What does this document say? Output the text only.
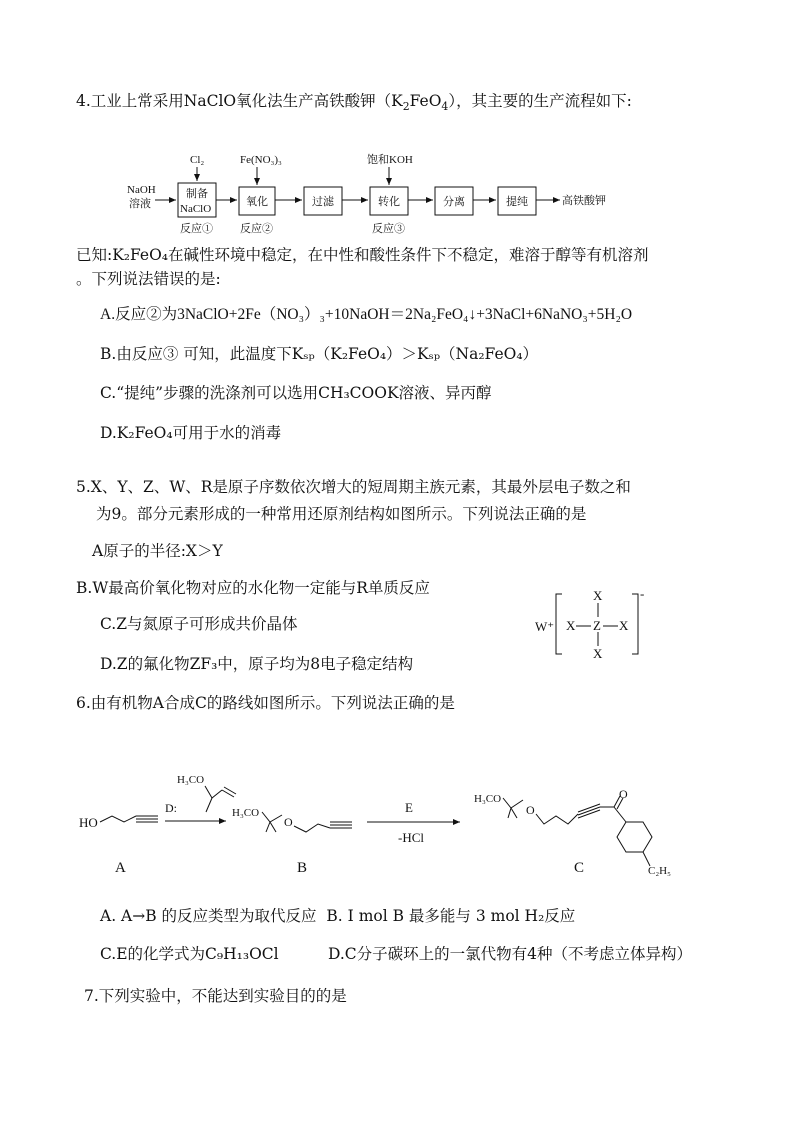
4.工业上常采用NaClO氧化法生产高铁酸钾$(K_2FeO_4)$，其主要的生产流程如下:
NaOH
溶液
制备
NaClO
Cl₂
反应①
氧化
Fe(NO₃)₃
反应②
过滤	转化
饱和KOH
反应③
分离	提纯	高铁酸钾
已知:K₂FeO₄在碱性环境中稳定，在中性和酸性条件下不稳定，难溶于醇等有机溶剂
。下列说法错误的是:
A.反应②为3NaClO+2Fe（NO₃）₃+10NaOH＝2Na₂FeO₄↓+3NaCl+6NaNO₃+5H₂O
B.由反应③ 可知，此温度下Kₛₚ（K₂FeO₄）＞Kₛₚ（Na₂FeO₄）
C.“提纯”步骤的洗涤剂可以选用CH₃COOK溶液、异丙醇
D.K₂FeO₄可用于水的消毒
5.X、Y、Z、W、R是原子序数依次增大的短周期主族元素，其最外层电子数之和
为9。部分元素形成的一种常用还原剂结构如图所示。下列说法正确的是
A原子的半径:X＞Y
B.W最高价氧化物对应的水化物一定能与R单质反应
C.Z与氮原子可形成共价晶体
D.Z的氟化物ZF₃中，原子均为8电子稳定结构
W⁺
-
X
X Z X
X
6.由有机物A合成C的路线如图所示。下列说法正确的是
HO
A
D:
H₃CO
H₃CO
O
B
E
-HCl
H₃CO
O
O
C₂H₅
C
A. A→B 的反应类型为取代反应 B. I mol B 最多能与 3 mol H₂反应
C.E的化学式为C₉H₁₃OCl	D.C分子碳环上的一氯代物有4种（不考虑立体异构）
7.下列实验中，不能达到实验目的的是
